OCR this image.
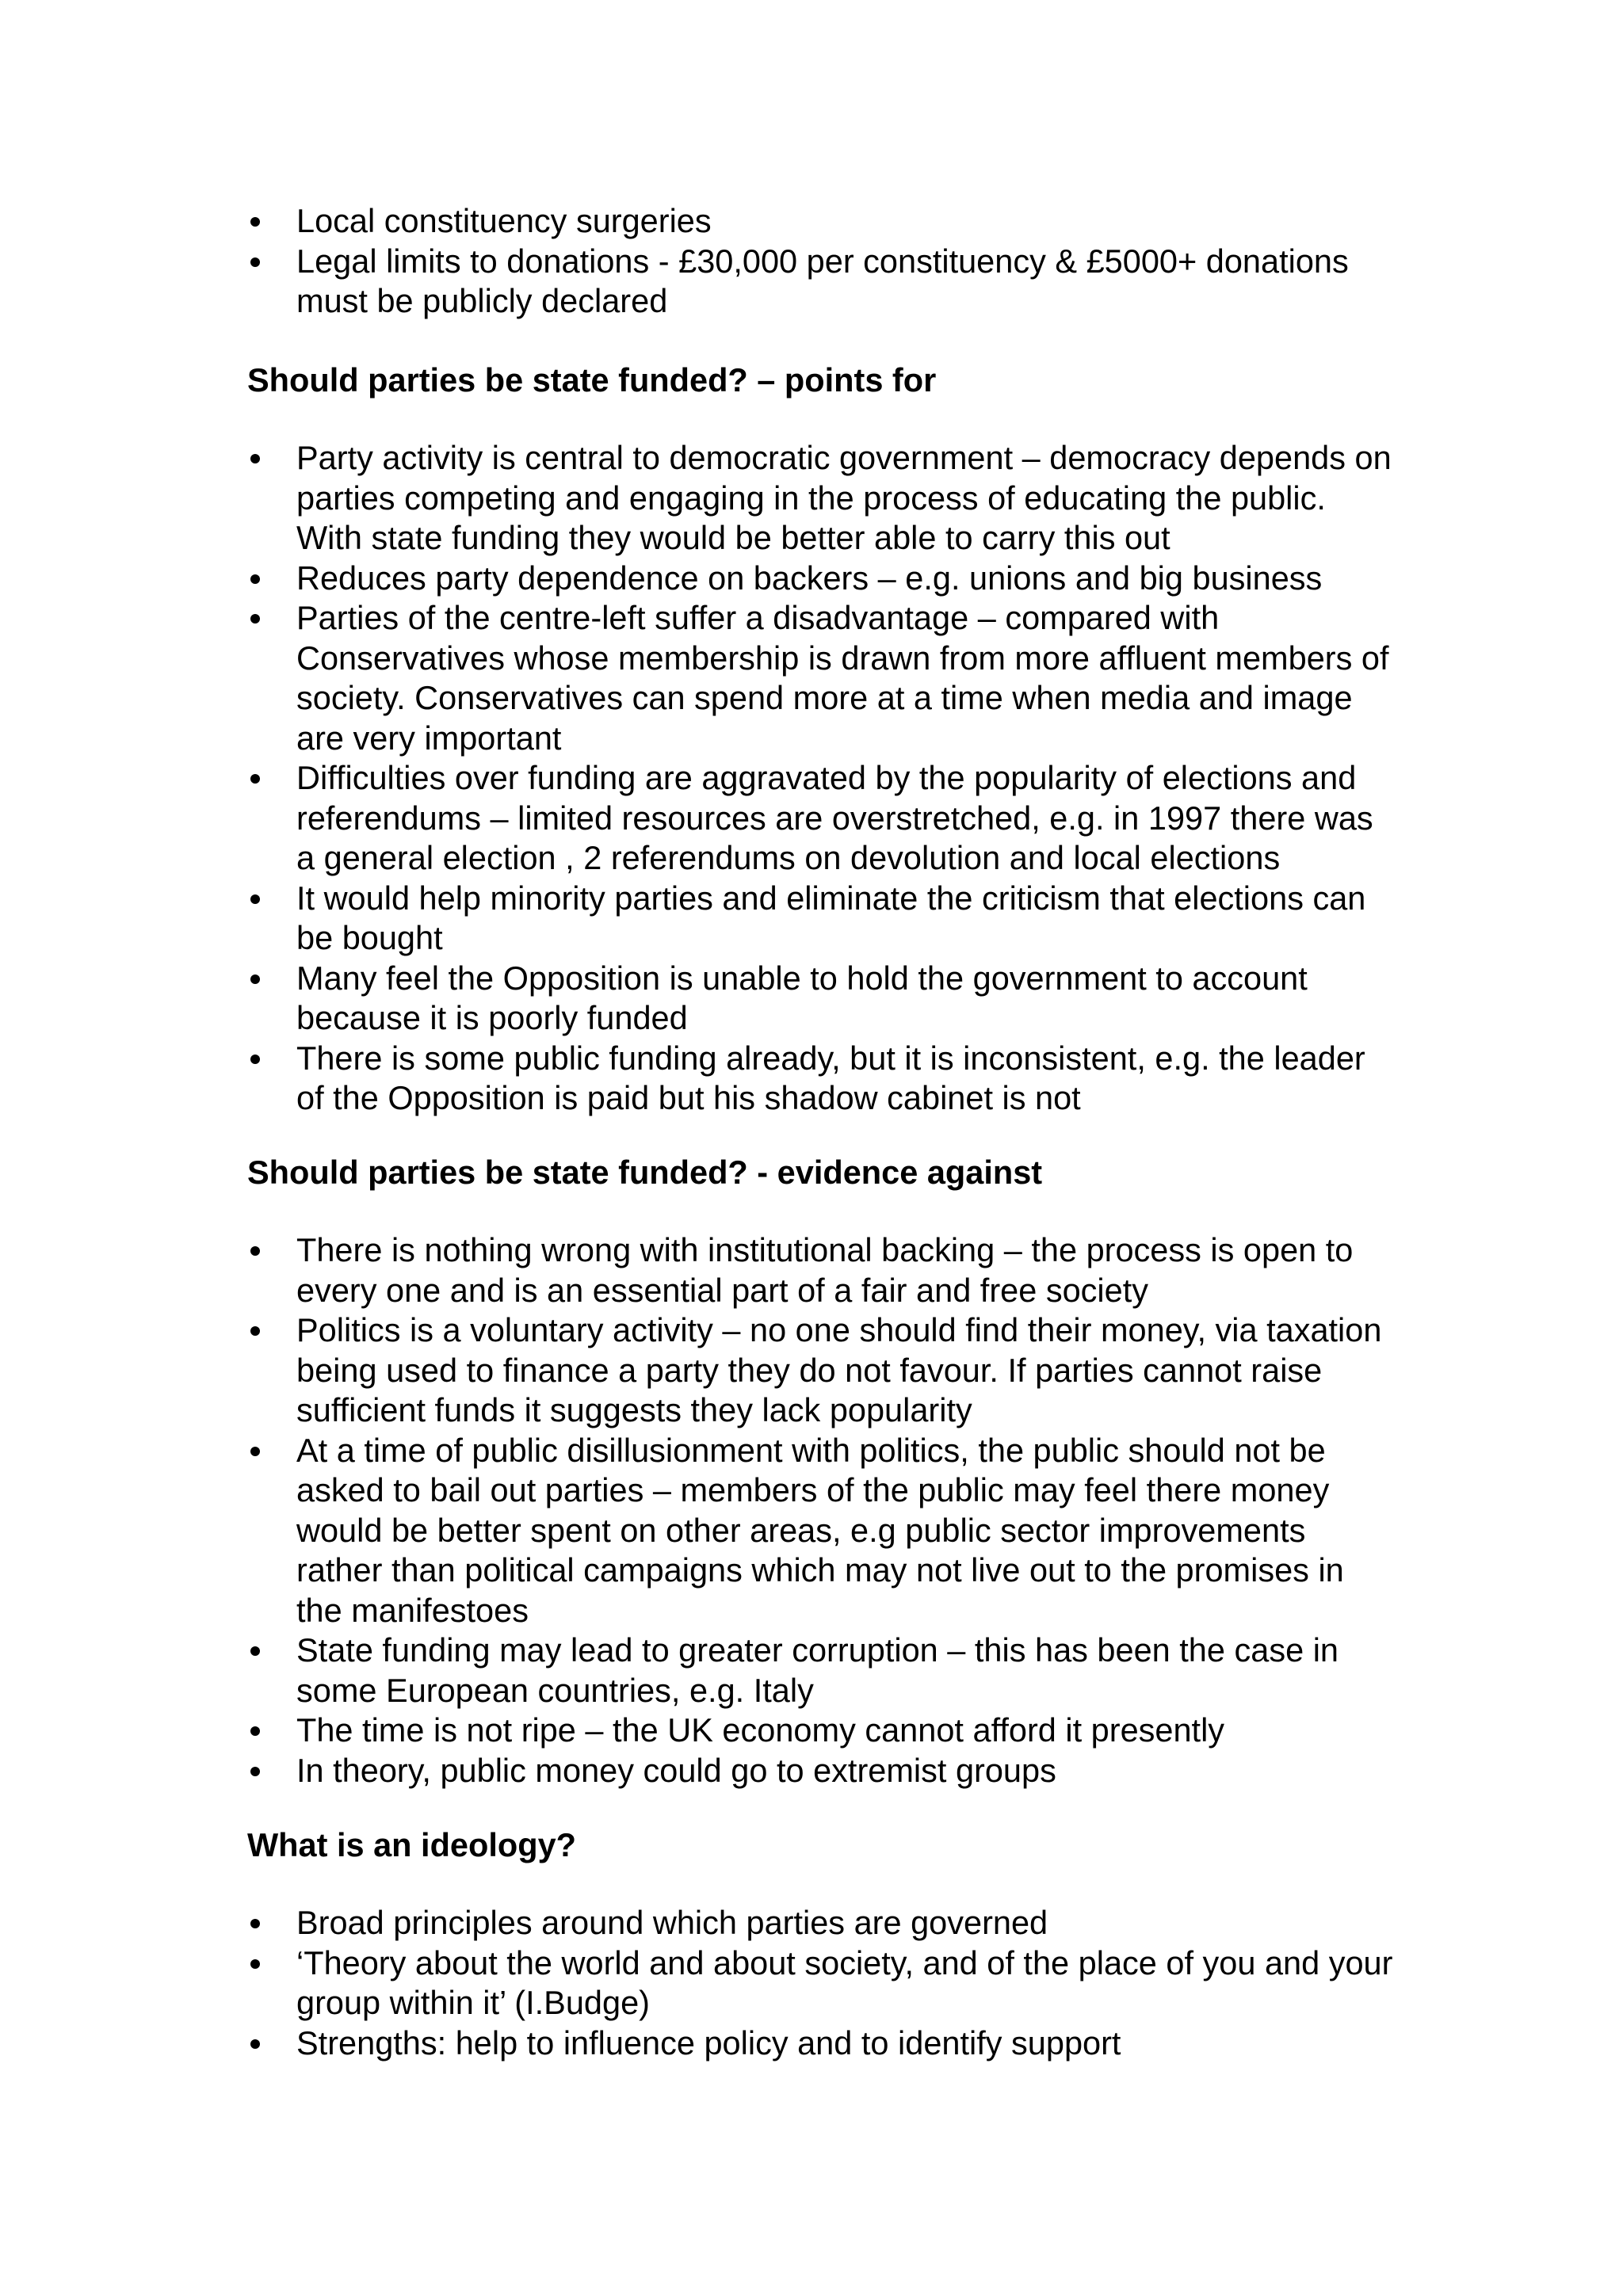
Local constituency surgeries
Legal limits to donations - £30,000 per constituency & £5000+ donations must be publicly declared

Should parties be state funded? – points for

Party activity is central to democratic government – democracy depends on parties competing and engaging in the process of educating the public. With state funding they would be better able to carry this out
Reduces party dependence on backers – e.g. unions and big business
Parties of the centre-left suffer a disadvantage – compared with Conservatives whose membership is drawn from more affluent members of society. Conservatives can spend more at a time when media and image are very important
Difficulties over funding are aggravated by the popularity of elections and referendums – limited resources are overstretched, e.g. in 1997 there was a general election , 2 referendums on devolution and local elections
It would help minority parties and eliminate the criticism that elections can be bought
Many feel the Opposition is unable to hold the government to account because it is poorly funded
There is some public funding already, but it is inconsistent, e.g. the leader of the Opposition is paid but his shadow cabinet is not

Should parties be state funded? - evidence against

There is nothing wrong with institutional backing – the process is open to every one and is an essential part of a fair and free society
Politics is a voluntary activity – no one should find their money, via taxation being used to finance a party they do not favour. If parties cannot raise sufficient funds it suggests they lack popularity
At a time of public disillusionment with politics, the public should not be asked to bail out parties – members of the public may feel there money would be better spent on other areas, e.g public sector improvements rather than political campaigns which may not live out to the promises in the manifestoes
State funding may lead to greater corruption – this has been the case in some European countries, e.g. Italy
The time is not ripe – the UK economy cannot afford it presently
In theory, public money could go to extremist groups

What is an ideology?

Broad principles around which parties are governed
‘Theory about the world and about society, and of the place of you and your group within it’ (I.Budge)
Strengths: help to influence policy and to identify support
